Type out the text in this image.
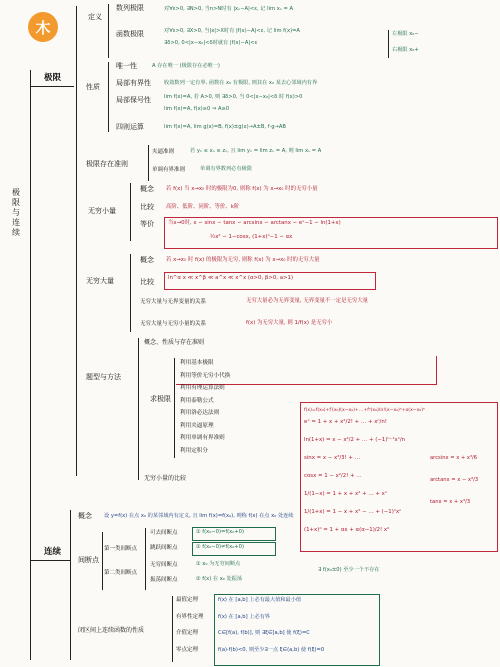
木
极限与连续
极限
定义
数列极限	对∀ε>0, ∃N>0, 当n>N时有 |xₙ−A|<ε, 记 lim xₙ = A
函数极限	对∀ε>0, ∃X>0, 当|x|>X时有 |f(x)−A|<ε, 记 lim f(x)=A
∃δ>0, 0<|x−x₀|<δ时就有 |f(x)−A|<ε
左极限 x₀−
右极限 x₀+
性质
唯一性	A 存在唯一 (极限存在必唯一)
局部有界性	收敛数列一定有界, 函数在 x₀ 有极限, 则其在 x₀ 某去心邻域内有界
局部保号性	lim f(x)=A, 若 A>0, 则 ∃δ>0, 当 0<|x−x₀|<δ 时 f(x)>0
lim f(x)=A, f(x)≥0 ⇒ A≥0
四则运算	lim f(x)=A, lim g(x)=B, f(x)±g(x)→A±B, f·g→AB
极限存在准则
夹逼准则	若 yₙ ≤ xₙ ≤ zₙ, 且 lim yₙ = lim zₙ = A, 则 lim xₙ = A
单调有界准则	单调有界数列必有极限
无穷小量
概念 若 f(x) 当 x→x₀ 时的极限为0, 则称 f(x) 为 x→x₀ 时的无穷小量
比较 高阶、低阶、同阶、等价、k阶
等价	当x→0时, x ∽ sinx ∽ tanx ∽ arcsinx ∽ arctanx ∽ eˣ−1 ∽ ln(1+x)
½x² ∽ 1−cosx, (1+x)ᵅ−1 ∽ αx
无穷大量
概念 若 x→x₀ 时 f(x) 的极限为无穷, 则称 f(x) 为 x→x₀ 时的无穷大量
比较	ln^α x ≪ x^β ≪ a^x ≪ x^x (α>0, β>0, a>1)
无穷大量与无界变量的关系	无穷大量必为无界变量, 无界变量不一定是无穷大量
无穷大量与无穷小量的关系	f(x) 为无穷大量, 则 1/f(x) 是无穷小
题型与方法
概念、性质与存在准则
求极限
利用基本极限
利用等价无穷小代换
利用有理运算法则
利用泰勒公式
利用洛必达法则
利用夹逼原理
利用单调有界准则
利用定积分
无穷小量的比较
f(x)=f(x₀)+f′(x₀)(x−x₀)+…+fⁿ(x₀)/n!(x−x₀)ⁿ+o(x−x₀)ⁿ
eˣ = 1 + x + x²/2! + … + xⁿ/n!
ln(1+x) = x − x²/2 + … + (−1)ⁿ⁻¹xⁿ/n
sinx = x − x³/3! + …
cosx = 1 − x²/2! + …
1/(1−x) = 1 + x + x² + … + xⁿ
1/(1+x) = 1 − x + x² − … + (−1)ⁿxⁿ
(1+x)ᵅ = 1 + αx + α(α−1)/2! x²
arcsinx = x + x³/6
arctanx = x − x³/3
tanx = x + x³/3
连续
概念 设 y=f(x) 在点 x₀ 的某邻域内有定义, 且 lim f(x)=f(x₀), 则称 f(x) 在点 x₀ 处连续
间断点
第一类间断点
第二类间断点
可去间断点
跳跃间断点
无穷间断点
振荡间断点
① f(x₀−0)=f(x₀+0)
① f(x₀−0)≠f(x₀+0)
① x₀ 为无穷间断点
② f(x) 在 x₀ 处振荡
∃ f(x₀±0) 至少一个不存在
闭区间上连续函数的性质
最值定理	f(x) 在 [a,b] 上必有最大值和最小值
有界性定理	f(x) 在 [a,b] 上必有界
介值定理	C∈[f(a), f(b)], 则 ∃ξ∈[a,b] 使 f(ξ)=C
零点定理	f(a)·f(b)<0, 则至少∃一点 ξ∈(a,b) 使 f(ξ)=0
